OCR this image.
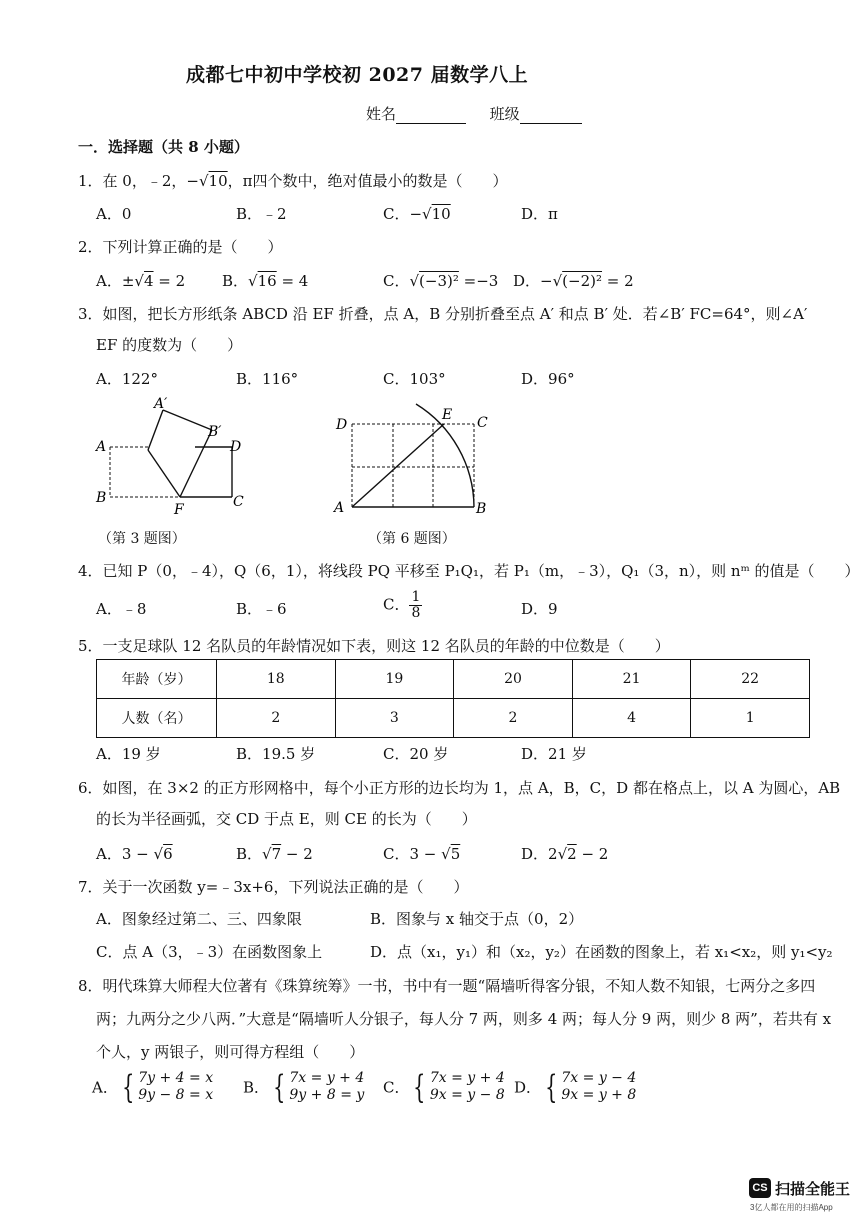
成都七中初中学校初 2027 届数学八上
姓名	班级
一．选择题（共 8 小题）
1．在 0，﹣2，−√10，π四个数中，绝对值最小的数是（　　）
A．0	B．﹣2	C．−√10	D．π
2．下列计算正确的是（　　）
A．±√4 = 2 B．√16 = 4	C．√(−3)² =−3 D．−√(−2)² = 2
3．如图，把长方形纸条 ABCD 沿 EF 折叠，点 A，B 分别折叠至点 A′ 和点 B′ 处．若∠B′ FC=64°，则∠A′
EF 的度数为（　　）
A．122°	B．116°	C．103°	D．96°
A′
B′
A	D
B
F	C
（第 3 题图）
D
E C
A	B
（第 6 题图）
4．已知 P（0，﹣4），Q（6，1），将线段 PQ 平移至 P₁Q₁，若 P₁（m，﹣3），Q₁（3，n），则 nᵐ 的值是（　　）
A．﹣8	B．﹣6	C． $\frac{1}{8}$	D．9
5．一支足球队 12 名队员的年龄情况如下表，则这 12 名队员的年龄的中位数是（　　）
年龄（岁）	18	19	20	21	22
人数（名）	2	3	2	4	1
A．19 岁	B．19.5 岁	C．20 岁	D．21 岁
6．如图，在 3×2 的正方形网格中，每个小正方形的边长均为 1，点 A，B，C，D 都在格点上，以 A 为圆心，AB
的长为半径画弧，交 CD 于点 E，则 CE 的长为（　　）
A．3 − √6	B．√7 − 2	C．3 − √5	D．2√2 − 2
7．关于一次函数 y=﹣3x+6，下列说法正确的是（　　）
A．图象经过第二、三、四象限	B．图象与 x 轴交于点（0，2）
C．点 A（3，﹣3）在函数图象上	D．点（x₁，y₁）和（x₂，y₂）在函数的图象上，若 x₁<x₂，则 y₁<y₂
8．明代珠算大师程大位著有《珠算统筹》一书，书中有一题“隔墙听得客分银，不知人数不知银，七两分之多四
两；九两分之少八两．”大意是“隔墙听人分银子，每人分 7 两，则多 4 两；每人分 9 两，则少 8 两”，若共有 x
个人，y 两银子，则可得方程组（　　）
A． { 7y + 4 = x
9y − 8 = x B． { 7x = y + 4
9y + 8 = y C． { 7x = y + 4
9x = y − 8 D． { 7x = y − 4
9x = y + 8
CS 扫描全能王
3亿人都在用的扫描App
